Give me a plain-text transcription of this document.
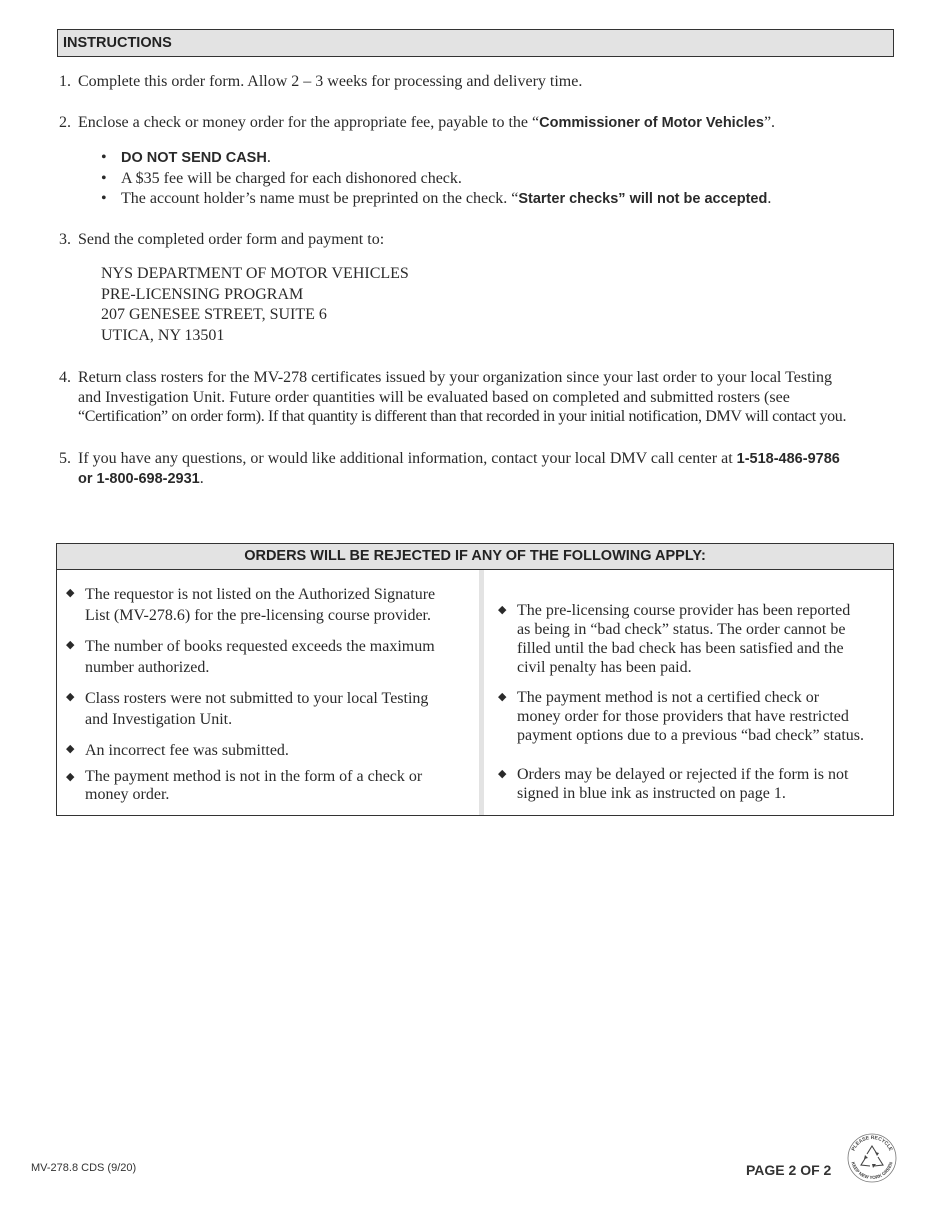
INSTRUCTIONS
1. Complete this order form. Allow 2 – 3 weeks for processing and delivery time.
2. Enclose a check or money order for the appropriate fee, payable to the “Commissioner of Motor Vehicles”.
• DO NOT SEND CASH.
• A $35 fee will be charged for each dishonored check.
• The account holder’s name must be preprinted on the check. “Starter checks” will not be accepted.
3. Send the completed order form and payment to:
NYS DEPARTMENT OF MOTOR VEHICLES
PRE-LICENSING PROGRAM
207 GENESEE STREET, SUITE 6
UTICA, NY 13501
4. Return class rosters for the MV-278 certificates issued by your organization since your last order to your local Testing
and Investigation Unit. Future order quantities will be evaluated based on completed and submitted rosters (see
“Certification” on order form). If that quantity is different than that recorded in your initial notification, DMV will contact you.
5. If you have any questions, or would like additional information, contact your local DMV call center at 1-518-486-9786
or 1-800-698-2931.
ORDERS WILL BE REJECTED IF ANY OF THE FOLLOWING APPLY:
◆ The requestor is not listed on the Authorized Signature
List (MV-278.6) for the pre-licensing course provider.
◆ The number of books requested exceeds the maximum
number authorized.
◆ Class rosters were not submitted to your local Testing
and Investigation Unit.
◆ An incorrect fee was submitted.
◆ The payment method is not in the form of a check or
money order.
◆ The pre-licensing course provider has been reported
as being in “bad check” status. The order cannot be
filled until the bad check has been satisfied and the
civil penalty has been paid.
◆ The payment method is not a certified check or
money order for those providers that have restricted
payment options due to a previous “bad check” status.
◆ Orders may be delayed or rejected if the form is not
signed in blue ink as instructed on page 1.
MV-278.8 CDS (9/20)	PAGE 2 OF 2
PLEASE RECYCLE
KEEP NEW YORK GREEN
